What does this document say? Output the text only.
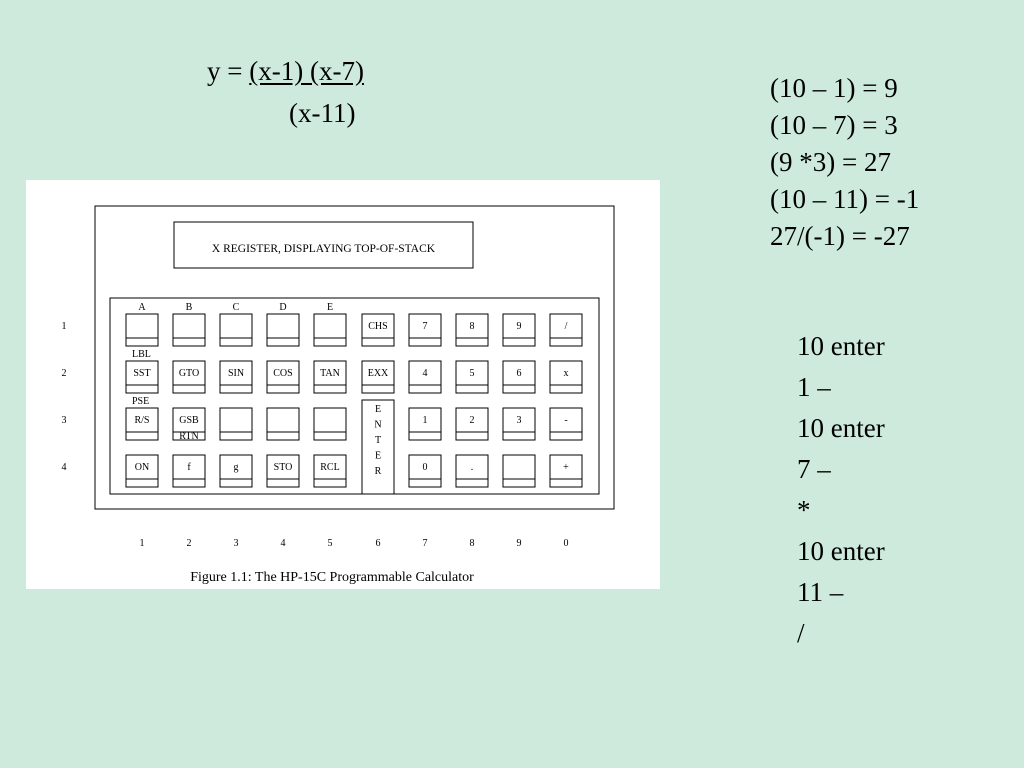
y = (x-1) (x-7)
(x-11)
(10 – 1) = 9
(10 – 7) = 3
(9 *3) = 27
(10 – 11) = -1
27/(-1) = -27
10 enter
1 –
10 enter
7 –
*
10 enter
11 –
/
X REGISTER, DISPLAYING TOP-OF-STACK
CHS	7	8	9	/
SST	GTO	SIN	COS	TAN	EXX	4	5	6	x
R/S	GSB
RTN
1	2	3	-
ON	f	g	STO	RCL	0	.	+
E
N
T
E
R
A	B	C	D	E
LBL
PSE
1
2
3
4
1	2	3	4	5	6	7	8	9	0
Figure 1.1: The HP-15C Programmable Calculator
